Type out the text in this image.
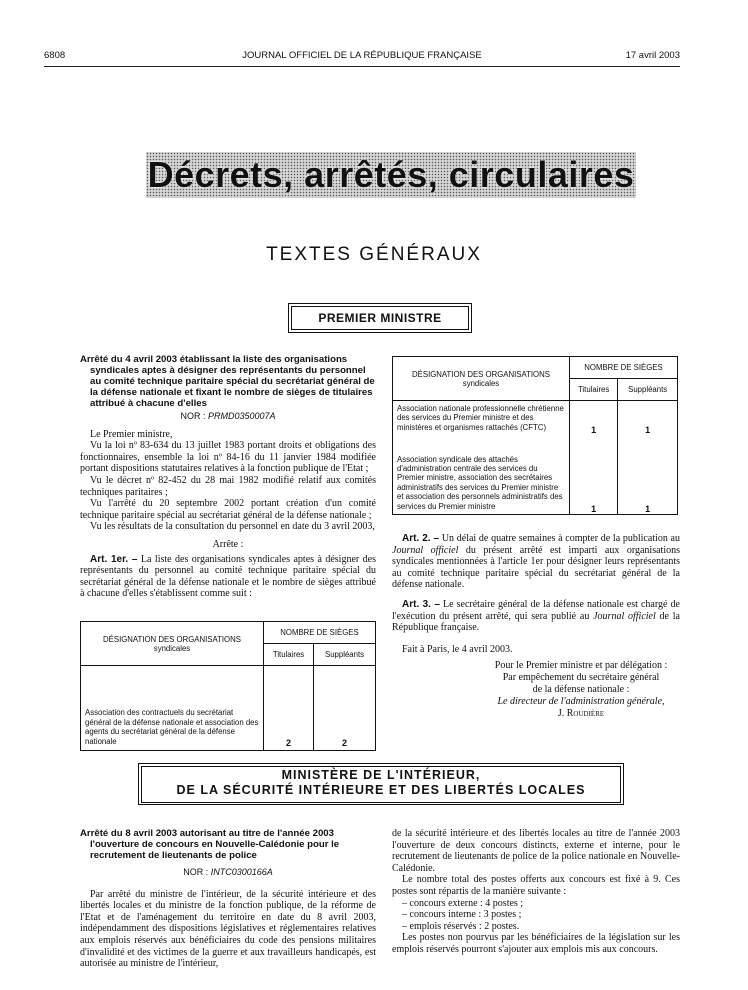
6808	JOURNAL OFFICIEL DE LA RÉPUBLIQUE FRANÇAISE	17 avril 2003
Décrets, arrêtés, circulaires
TEXTES GÉNÉRAUX
PREMIER MINISTRE
Arrêté du 4 avril 2003 établissant la liste des organisations syndicales aptes à désigner des représentants du personnel au comité technique paritaire spécial du secrétariat général de la défense nationale et fixant le nombre de sièges de titulaires attribué à chacune d'elles
NOR : PRMD0350007A

Le Premier ministre,

Vu la loi nº 83-634 du 13 juillet 1983 portant droits et obligations des fonctionnaires, ensemble la loi nº 84-16 du 11 janvier 1984 modifiée portant dispositions statutaires relatives à la fonction publique de l'Etat ;

Vu le décret nº 82-452 du 28 mai 1982 modifié relatif aux comités techniques paritaires ;

Vu l'arrêté du 20 septembre 2002 portant création d'un comité technique paritaire spécial au secrétariat général de la défense nationale ;

Vu les résultats de la consultation du personnel en date du 3 avril 2003,

Arrête :

Art. 1er. – La liste des organisations syndicales aptes à désigner des représentants du personnel au comité technique paritaire spécial du secrétariat général de la défense nationale et le nombre de sièges attribué à chacune d'elles s'établissent comme suit :

DÉSIGNATION DES ORGANISATIONS
syndicales	NOMBRE DE SIÈGES	
	Titulaires	Suppléants
Association des contractuels du secrétariat général de la défense nationale et association des agents du secrétariat général de la défense nationale	2	2
DÉSIGNATION DES ORGANISATIONS
syndicales	NOMBRE DE SIÈGES	
	Titulaires	Suppléants
Association nationale professionnelle chrétienne des services du Premier ministre et des ministères et organismes rattachés (CFTC)	1	1
Association syndicale des attachés d'administration centrale des services du Premier ministre, association des secrétaires administratifs des services du Premier ministre et association des personnels administratifs des services du Premier ministre	1	1

Art. 2. – Un délai de quatre semaines à compter de la publication au Journal officiel du présent arrêté est imparti aux organisations syndicales mentionnées à l'article 1er pour désigner leurs représentants au comité technique paritaire spécial du secrétariat général de la défense nationale.

Art. 3. – Le secrétaire général de la défense nationale est chargé de l'exécution du présent arrêté, qui sera publié au Journal officiel de la République française.

Fait à Paris, le 4 avril 2003.

Pour le Premier ministre et par délégation :
Par empêchement du secrétaire général
de la défense nationale :
Le directeur de l'administration générale,
J. Roudière
MINISTÈRE DE L'INTÉRIEUR,
DE LA SÉCURITÉ INTÉRIEURE ET DES LIBERTÉS LOCALES
Arrêté du 8 avril 2003 autorisant au titre de l'année 2003 l'ouverture de concours en Nouvelle-Calédonie pour le recrutement de lieutenants de police
NOR : INTC0300166A

Par arrêté du ministre de l'intérieur, de la sécurité intérieure et des libertés locales et du ministre de la fonction publique, de la réforme de l'Etat et de l'aménagement du territoire en date du 8 avril 2003, indépendamment des dispositions législatives et réglementaires relatives aux emplois réservés aux bénéficiaires du code des pensions militaires d'invalidité et des victimes de la guerre et aux travailleurs handicapés, est autorisée au ministre de l'intérieur,

de la sécurité intérieure et des libertés locales au titre de l'année 2003 l'ouverture de deux concours distincts, externe et interne, pour le recrutement de lieutenants de police de la police nationale en Nouvelle-Calédonie.

Le nombre total des postes offerts aux concours est fixé à 9. Ces postes sont répartis de la manière suivante :

– concours externe : 4 postes ;
– concours interne : 3 postes ;
– emplois réservés : 2 postes.

Les postes non pourvus par les bénéficiaires de la législation sur les emplois réservés pourront s'ajouter aux emplois mis aux concours.
